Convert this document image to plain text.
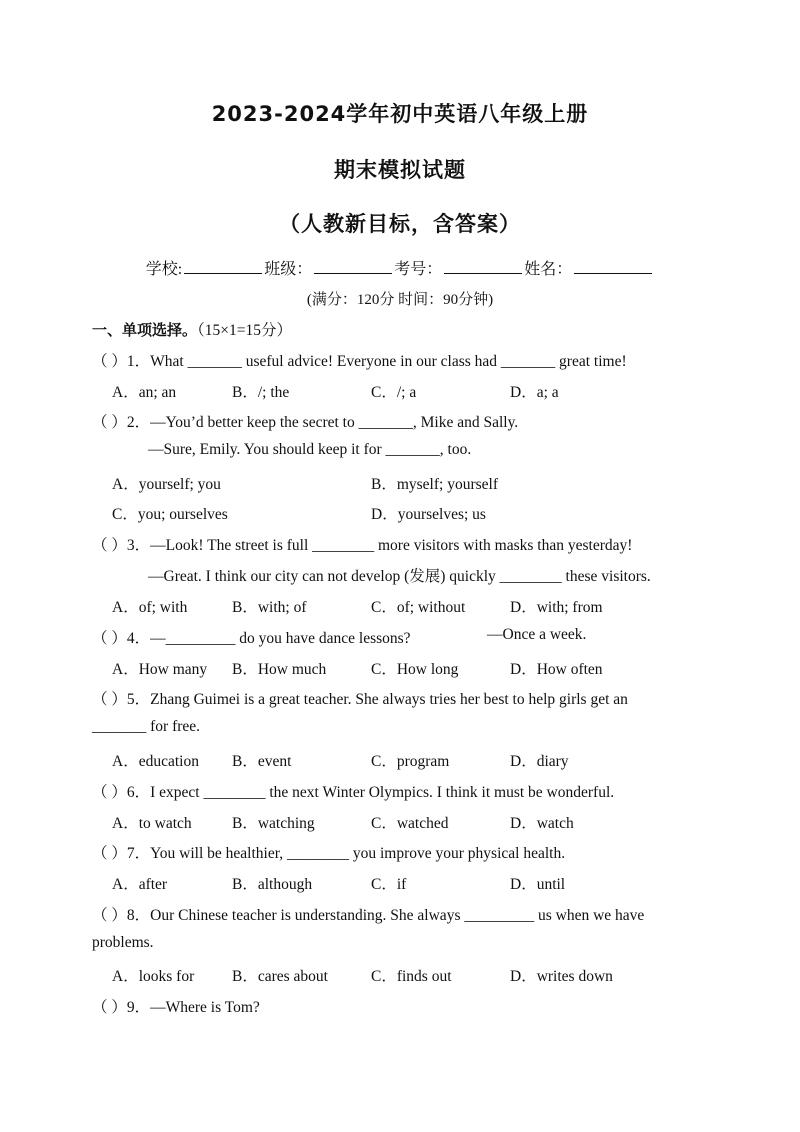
2023-2024学年初中英语八年级上册
期末模拟试题
（人教新目标，含答案）
学校:	班级：	考号：	姓名：
(满分：120分 时间：90分钟)
一、单项选择。（15×1=15分）
（ ）1．What _______ useful advice! Everyone in our class had _______ great time!
A．an; an	B．/; the	C．/; a	D．a; a
（ ）2．—You’d better keep the secret to _______, Mike and Sally.
—Sure, Emily. You should keep it for _______, too.
A．yourself; you	B．myself; yourself
C．you; ourselves	D．yourselves; us
（ ）3．—Look! The street is full ________ more visitors with masks than yesterday!
—Great. I think our city can not develop (发展) quickly ________ these visitors.
A．of; with	B．with; of	C．of; without	D．with; from
（ ）4．—_________ do you have dance lessons?	—Once a week.
A．How many B．How much	C．How long	D．How often
（ ）5．Zhang Guimei is a great teacher. She always tries her best to help girls get an
_______ for free.
A．education B．event	C．program	D．diary
（ ）6．I expect ________ the next Winter Olympics. I think it must be wonderful.
A．to watch	B．watching	C．watched	D．watch
（ ）7．You will be healthier, ________ you improve your physical health.
A．after	B．although	C．if	D．until
（ ）8．Our Chinese teacher is understanding. She always _________ us when we have
problems.
A．looks for B．cares about	C．finds out	D．writes down
（ ）9．—Where is Tom?
